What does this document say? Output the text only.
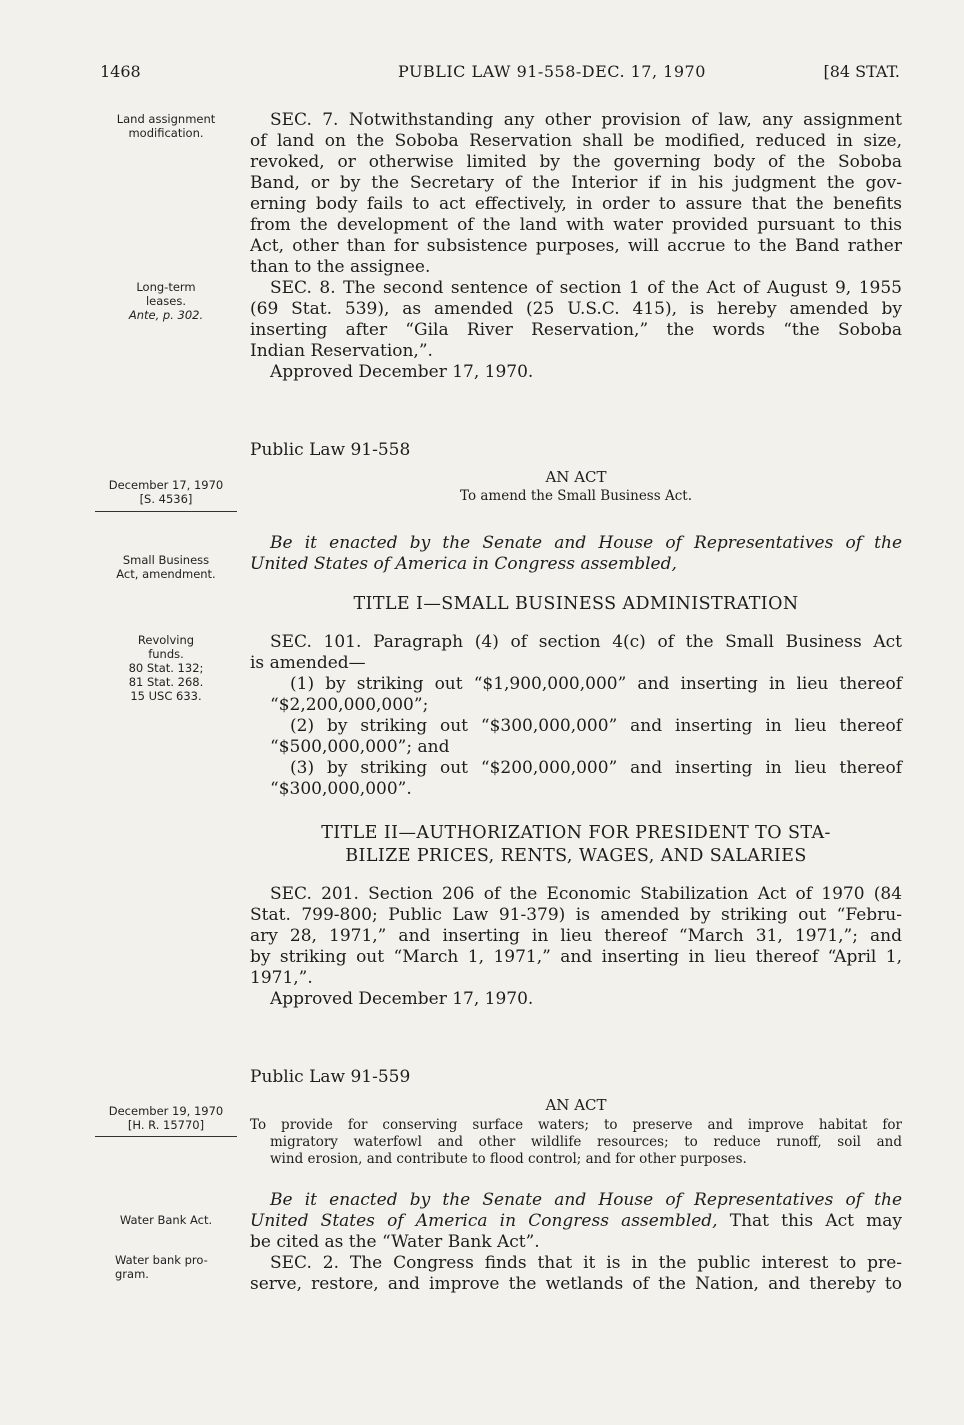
1468	PUBLIC LAW 91-558-DEC. 17, 1970	[84 STAT.
Land assignment
modification.
Long-term
leases.
Ante, p. 302.
December 17, 1970
[S. 4536]
Small Business
Act, amendment.
Revolving
funds.
80 Stat. 132;
81 Stat. 268.
15 USC 633.
December 19, 1970
[H. R. 15770]
Water Bank Act.
Water bank pro-
gram.
SEC. 7. Notwithstanding any other provision of law, any assignment
of land on the Soboba Reservation shall be modified, reduced in size,
revoked, or otherwise limited by the governing body of the Soboba
Band, or by the Secretary of the Interior if in his judgment the gov-
erning body fails to act effectively, in order to assure that the benefits
from the development of the land with water provided pursuant to this
Act, other than for subsistence purposes, will accrue to the Band rather
than to the assignee.
SEC. 8. The second sentence of section 1 of the Act of August 9, 1955
(69 Stat. 539), as amended (25 U.S.C. 415), is hereby amended by
inserting after “Gila River Reservation,” the words “the Soboba
Indian Reservation,”.
Approved December 17, 1970.
Public Law 91-558
AN ACT
To amend the Small Business Act.
Be it enacted by the Senate and House of Representatives of the
United States of America in Congress assembled,
TITLE I—SMALL BUSINESS ADMINISTRATION
SEC. 101. Paragraph (4) of section 4(c) of the Small Business Act
is amended—
(1) by striking out “$1,900,000,000” and inserting in lieu thereof
“$2,200,000,000”;
(2) by striking out “$300,000,000” and inserting in lieu thereof
“$500,000,000”; and
(3) by striking out “$200,000,000” and inserting in lieu thereof
“$300,000,000”.
TITLE II—AUTHORIZATION FOR PRESIDENT TO STA-
BILIZE PRICES, RENTS, WAGES, AND SALARIES
SEC. 201. Section 206 of the Economic Stabilization Act of 1970 (84
Stat. 799-800; Public Law 91-379) is amended by striking out “Febru-
ary 28, 1971,” and inserting in lieu thereof “March 31, 1971,”; and
by striking out “March 1, 1971,” and inserting in lieu thereof “April 1,
1971,”.
Approved December 17, 1970.
Public Law 91-559
AN ACT
To provide for conserving surface waters; to preserve and improve habitat for
migratory waterfowl and other wildlife resources; to reduce runoff, soil and
wind erosion, and contribute to flood control; and for other purposes.
Be it enacted by the Senate and House of Representatives of the
United States of America in Congress assembled, That this Act may
be cited as the “Water Bank Act”.
SEC. 2. The Congress finds that it is in the public interest to pre-
serve, restore, and improve the wetlands of the Nation, and thereby to
